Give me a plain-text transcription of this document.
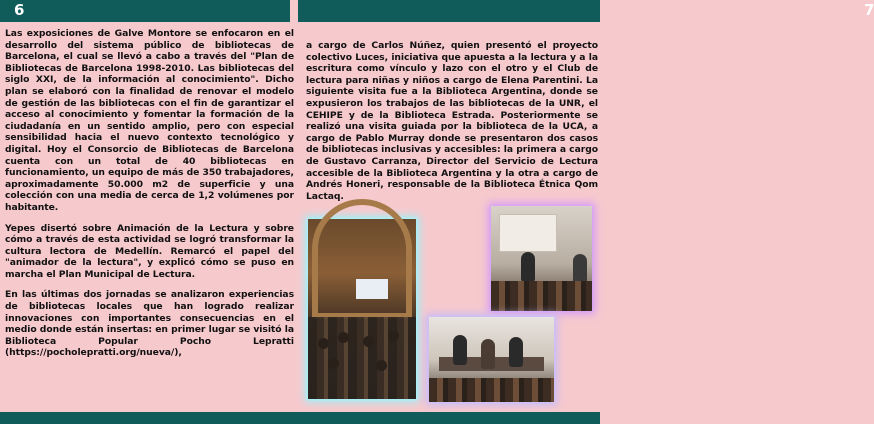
6	7

Las exposiciones de Galve Montore se enfocaron en el desarrollo del sistema público de bibliotecas de Barcelona, el cual se llevó a cabo a través del "Plan de Bibliotecas de Barcelona 1998-2010. Las bibliotecas del siglo XXI, de la información al conocimiento". Dicho plan se elaboró con la finalidad de renovar el modelo de gestión de las bibliotecas con el fin de garantizar el acceso al conocimiento y fomentar la formación de la ciudadanía en un sentido amplio, pero con especial sensibilidad hacia el nuevo contexto tecnológico y digital. Hoy el Consorcio de Bibliotecas de Barcelona cuenta con un total de 40 bibliotecas en funcionamiento, un equipo de más de 350 trabajadores, aproximadamente 50.000 m2 de superficie y una colección con una media de cerca de 1,2 volúmenes por habitante.

Yepes disertó sobre Animación de la Lectura y sobre cómo a través de esta actividad se logró transformar la cultura lectora de Medellín. Remarcó el papel del "animador de la lectura", y explicó cómo se puso en marcha el Plan Municipal de Lectura.

En las últimas dos jornadas se analizaron experiencias de bibliotecas locales que han logrado realizar innovaciones con importantes consecuencias en el medio donde están insertas: en primer lugar se visitó la Biblioteca Popular Pocho Lepratti (https://pocholepratti.org/nueva/),

a cargo de Carlos Núñez, quien presentó el proyecto colectivo Luces, iniciativa que apuesta a la lectura y a la escritura como vínculo y lazo con el otro y el Club de lectura para niñas y niños a cargo de Elena Parentini. La siguiente visita fue a la Biblioteca Argentina, donde se expusieron los trabajos de las bibliotecas de la UNR, el CEHIPE y de la Biblioteca Estrada. Posteriormente se realizó una visita guiada por la biblioteca de la UCA, a cargo de Pablo Murray donde se presentaron dos casos de bibliotecas inclusivas y accesibles: la primera a cargo de Gustavo Carranza, Director del Servicio de Lectura accesible de la Biblioteca Argentina y la otra a cargo de Andrés Honeri, responsable de la Biblioteca Étnica Qom Lactaq.
